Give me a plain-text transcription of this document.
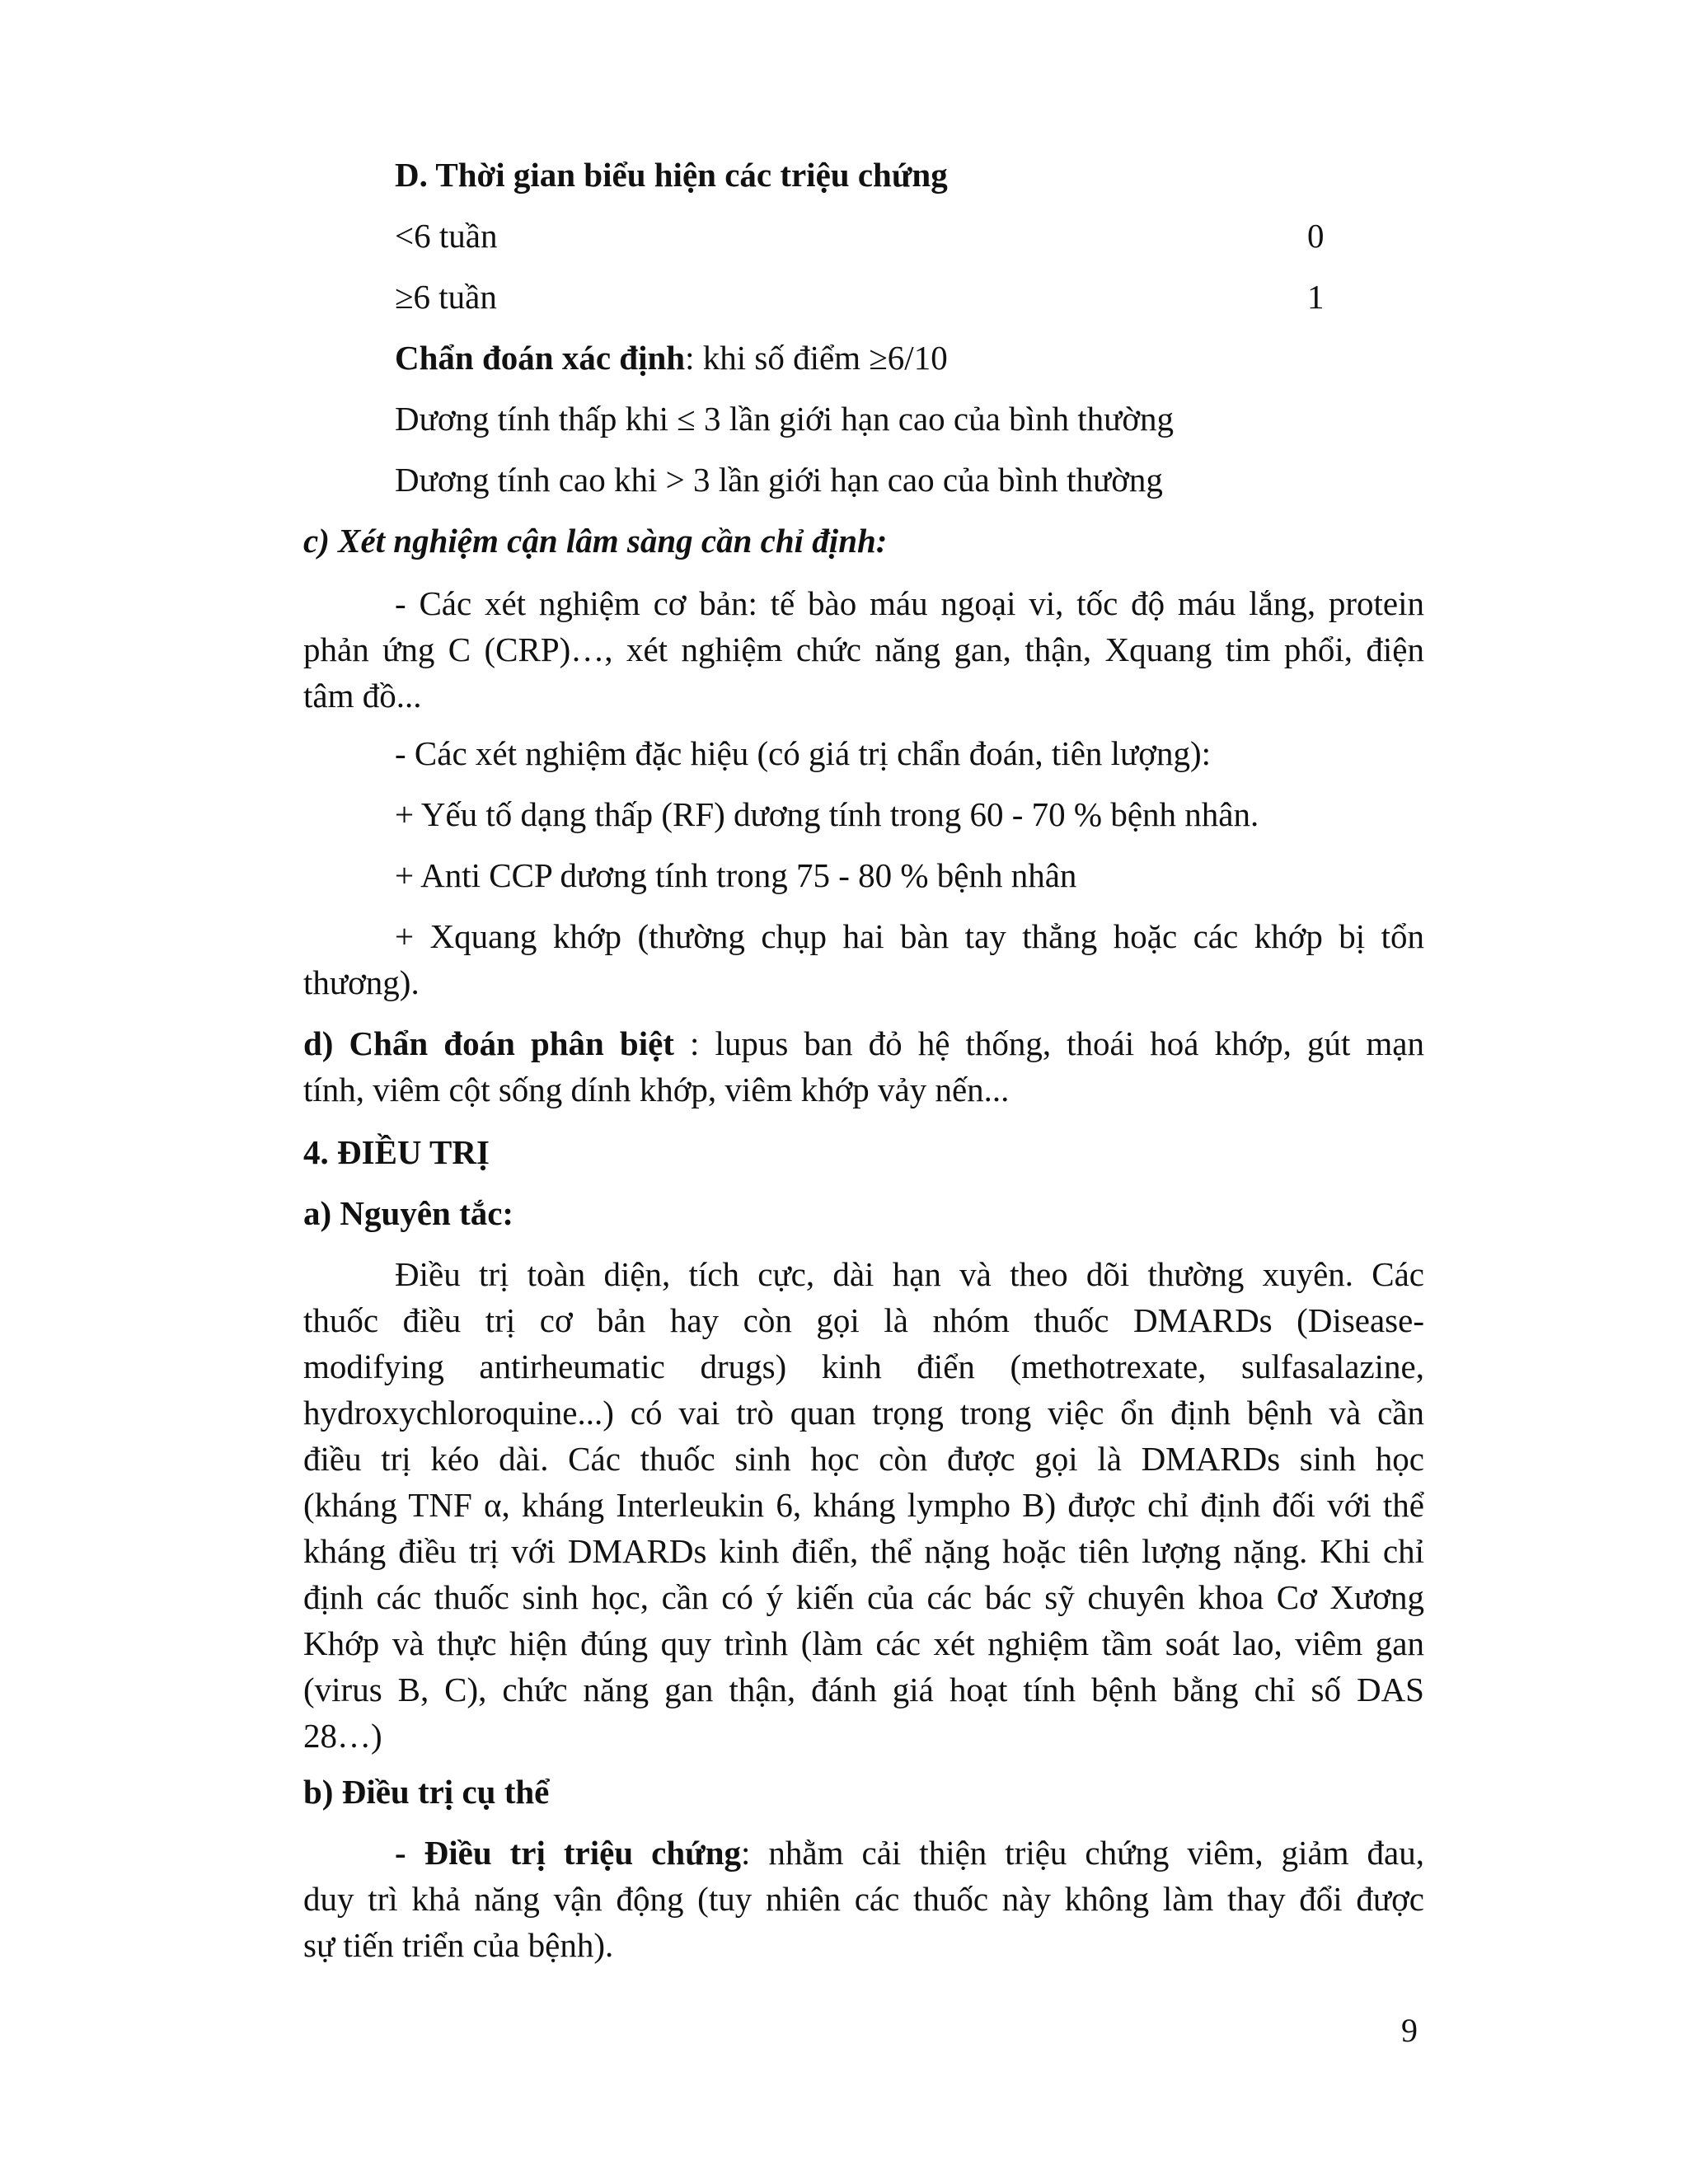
D. Thời gian biểu hiện các triệu chứng
<6 tuần	0
≥6 tuần	1
Chẩn đoán xác định: khi số điểm ≥6/10
Dương tính thấp khi ≤ 3 lần giới hạn cao của bình thường
Dương tính cao khi > 3 lần giới hạn cao của bình thường
c) Xét nghiệm cận lâm sàng cần chỉ định:
- Các xét nghiệm cơ bản: tế bào máu ngoại vi, tốc độ máu lắng, protein
phản ứng C (CRP)…, xét nghiệm chức năng gan, thận, Xquang tim phổi, điện
tâm đồ...
- Các xét nghiệm đặc hiệu (có giá trị chẩn đoán, tiên lượng):
+ Yếu tố dạng thấp (RF) dương tính trong 60 - 70 % bệnh nhân.
+ Anti CCP dương tính trong 75 - 80 % bệnh nhân
+ Xquang khớp (thường chụp hai bàn tay thẳng hoặc các khớp bị tổn
thương).
d) Chẩn đoán phân biệt : lupus ban đỏ hệ thống, thoái hoá khớp, gút mạn
tính, viêm cột sống dính khớp, viêm khớp vảy nến...
4. ĐIỀU TRỊ
a) Nguyên tắc:
Điều trị toàn diện, tích cực, dài hạn và theo dõi thường xuyên. Các
thuốc điều trị cơ bản hay còn gọi là nhóm thuốc DMARDs (Disease-
modifying antirheumatic drugs) kinh điển (methotrexate, sulfasalazine,
hydroxychloroquine...) có vai trò quan trọng trong việc ổn định bệnh và cần
điều trị kéo dài. Các thuốc sinh học còn được gọi là DMARDs sinh học
(kháng TNF α, kháng Interleukin 6, kháng lympho B) được chỉ định đối với thể
kháng điều trị với DMARDs kinh điển, thể nặng hoặc tiên lượng nặng. Khi chỉ
định các thuốc sinh học, cần có ý kiến của các bác sỹ chuyên khoa Cơ Xương
Khớp và thực hiện đúng quy trình (làm các xét nghiệm tầm soát lao, viêm gan
(virus B, C), chức năng gan thận, đánh giá hoạt tính bệnh bằng chỉ số DAS
28…)
b) Điều trị cụ thể
- Điều trị triệu chứng: nhằm cải thiện triệu chứng viêm, giảm đau,
duy trì khả năng vận động (tuy nhiên các thuốc này không làm thay đổi được
sự tiến triển của bệnh).
9
